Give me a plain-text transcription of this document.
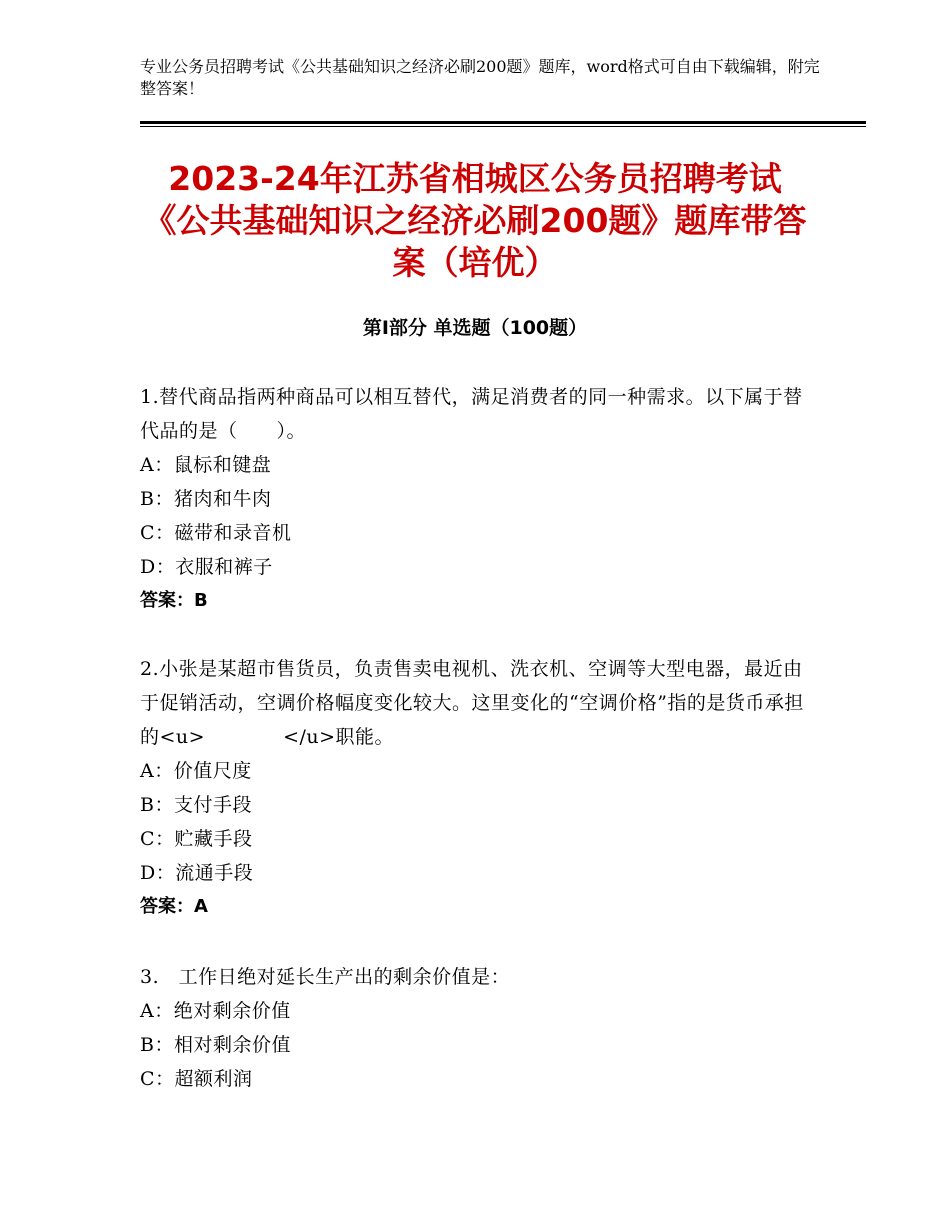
专业公务员招聘考试《公共基础知识之经济必刷200题》题库，word格式可自由下载编辑，附完整答案！
2023-24年江苏省相城区公务员招聘考试《公共基础知识之经济必刷200题》题库带答案（培优）
第Ⅰ部分 单选题（100题）
1.替代商品指两种商品可以相互替代，满足消费者的同一种需求。以下属于替代品的是（　　）。
A：鼠标和键盘
B：猪肉和牛肉
C：磁带和录音机
D：衣服和裤子
答案：B
2.小张是某超市售货员，负责售卖电视机、洗衣机、空调等大型电器，最近由于促销活动，空调价格幅度变化较大。这里变化的“空调价格”指的是货币承担的<u>　　　　</u>职能。
A：价值尺度
B：支付手段
C：贮藏手段
D：流通手段
答案：A
3.　工作日绝对延长生产出的剩余价值是：
A：绝对剩余价值
B：相对剩余价值
C：超额利润
